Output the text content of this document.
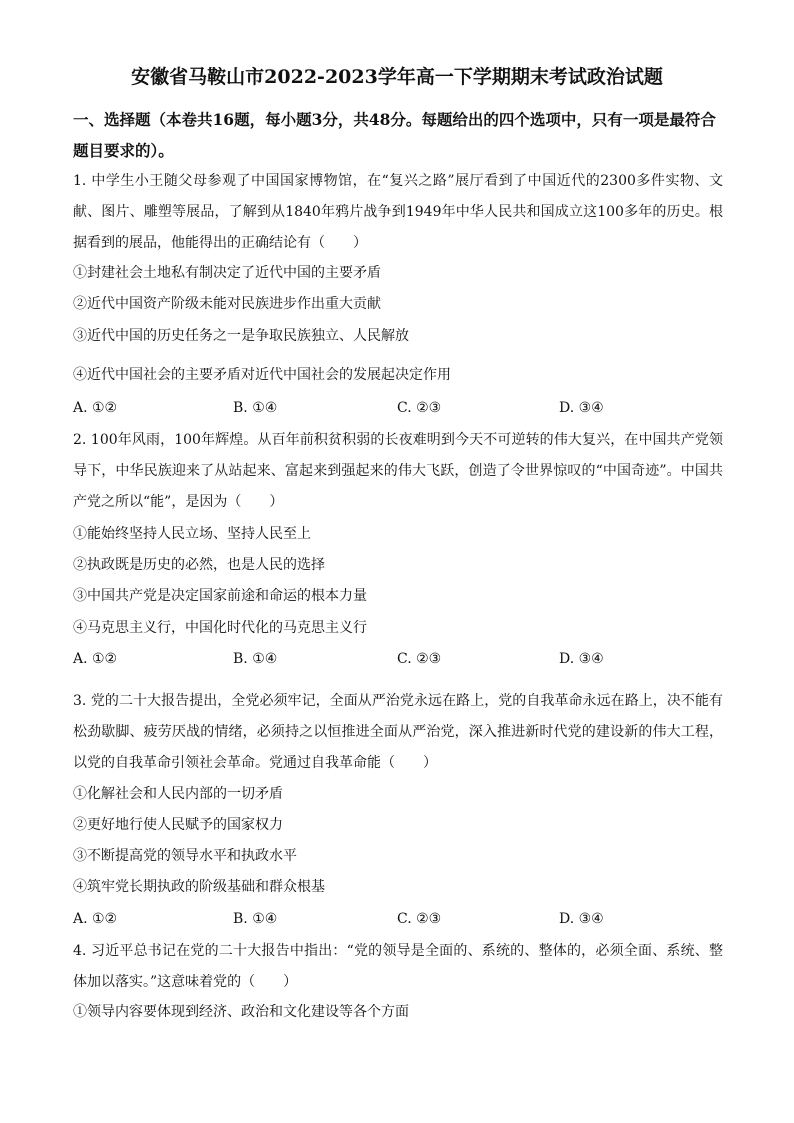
安徽省马鞍山市2022-2023学年高一下学期期末考试政治试题
一、选择题（本卷共16题，每小题3分，共48分。每题给出的四个选项中，只有一项是最符合题目要求的）。
1. 中学生小王随父母参观了中国国家博物馆，在“复兴之路”展厅看到了中国近代的2300多件实物、文献、图片、雕塑等展品，了解到从1840年鸦片战争到1949年中华人民共和国成立这100多年的历史。根据看到的展品，他能得出的正确结论有（　　）
①封建社会土地私有制决定了近代中国的主要矛盾
②近代中国资产阶级未能对民族进步作出重大贡献
③近代中国的历史任务之一是争取民族独立、人民解放
④近代中国社会的主要矛盾对近代中国社会的发展起决定作用
A. ①②	B. ①④	C. ②③	D. ③④
2. 100年风雨，100年辉煌。从百年前积贫积弱的长夜难明到今天不可逆转的伟大复兴，在中国共产党领导下，中华民族迎来了从站起来、富起来到强起来的伟大飞跃，创造了令世界惊叹的“中国奇迹”。中国共产党之所以“能”，是因为（　　）
①能始终坚持人民立场、坚持人民至上
②执政既是历史的必然，也是人民的选择
③中国共产党是决定国家前途和命运的根本力量
④马克思主义行，中国化时代化的马克思主义行
A. ①②	B. ①④	C. ②③	D. ③④
3. 党的二十大报告提出，全党必须牢记，全面从严治党永远在路上，党的自我革命永远在路上，决不能有松劲歇脚、疲劳厌战的情绪，必须持之以恒推进全面从严治党，深入推进新时代党的建设新的伟大工程，以党的自我革命引领社会革命。党通过自我革命能（　　）
①化解社会和人民内部的一切矛盾
②更好地行使人民赋予的国家权力
③不断提高党的领导水平和执政水平
④筑牢党长期执政的阶级基础和群众根基
A. ①②	B. ①④	C. ②③	D. ③④
4. 习近平总书记在党的二十大报告中指出：“党的领导是全面的、系统的、整体的，必须全面、系统、整体加以落实。”这意味着党的（　　）
①领导内容要体现到经济、政治和文化建设等各个方面
